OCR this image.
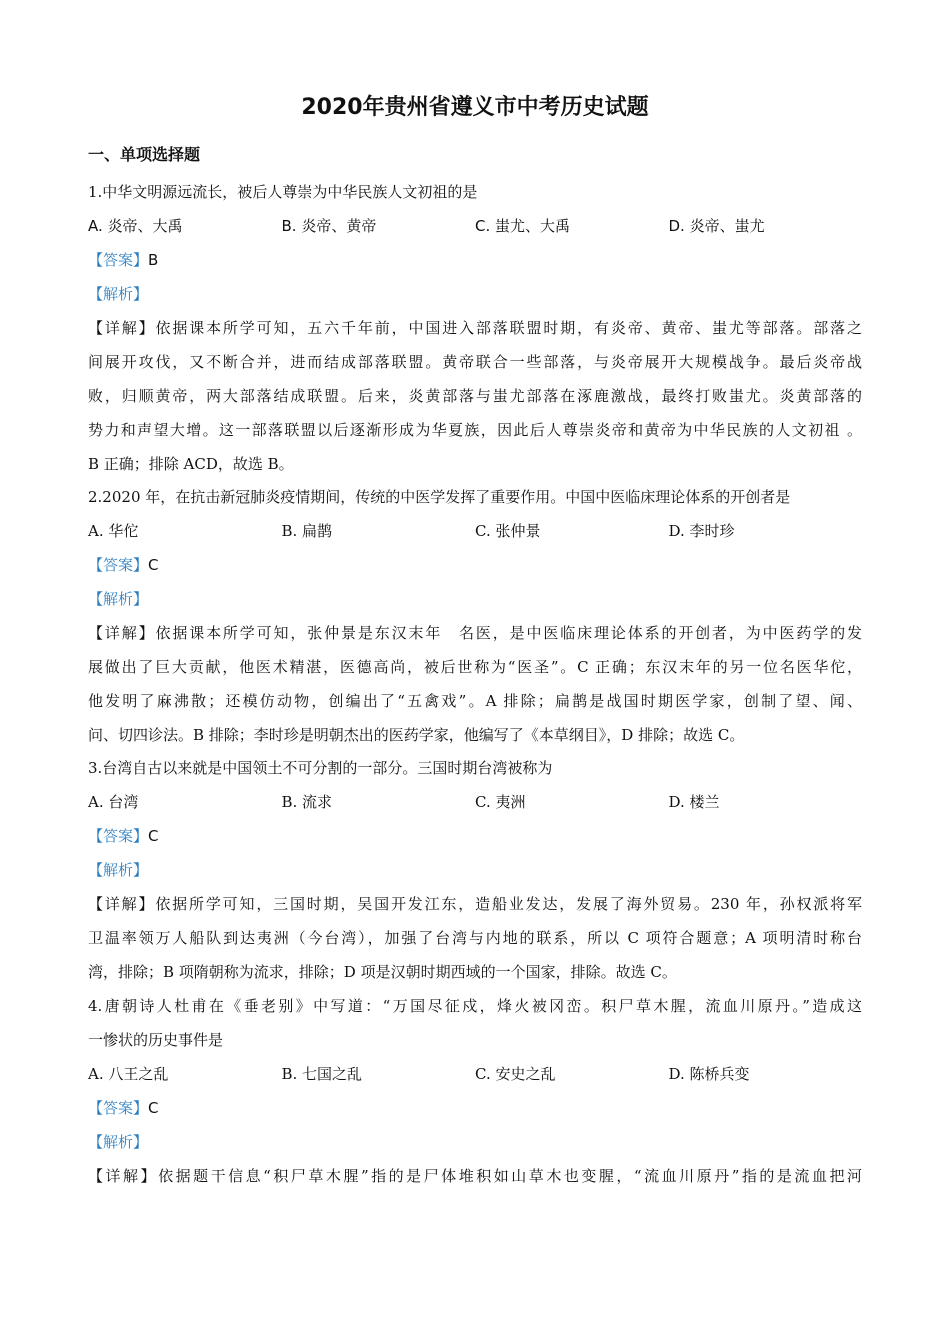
2020年贵州省遵义市中考历史试题
一、单项选择题
1.中华文明源远流长，被后人尊崇为中华民族人文初祖的是
A. 炎帝、大禹	B. 炎帝、黄帝	C. 蚩尤、大禹	D. 炎帝、蚩尤
【答案】B
【解析】
【详解】依据课本所学可知，五六千年前，中国进入部落联盟时期，有炎帝、黄帝、蚩尤等部落。部落之
间展开攻伐，又不断合并，进而结成部落联盟。黄帝联合一些部落，与炎帝展开大规模战争。最后炎帝战
败，归顺黄帝，两大部落结成联盟。后来，炎黄部落与蚩尤部落在涿鹿激战，最终打败蚩尤。炎黄部落的
势力和声望大增。这一部落联盟以后逐渐形成为华夏族，因此后人尊崇炎帝和黄帝为中华民族的人文初祖 。
B 正确；排除 ACD，故选 B。
2.2020 年，在抗击新冠肺炎疫情期间，传统的中医学发挥了重要作用。中国中医临床理论体系的开创者是
A. 华佗	B. 扁鹊	C. 张仲景	D. 李时珍
【答案】C
【解析】
【详解】依据课本所学可知，张仲景是东汉末年　名医，是中医临床理论体系的开创者，为中医药学的发
展做出了巨大贡献，他医术精湛，医德高尚，被后世称为“医圣”。C 正确；东汉末年的另一位名医华佗，
他发明了麻沸散；还模仿动物，创编出了“五禽戏”。A 排除；扁鹊是战国时期医学家，创制了望、闻、
问、切四诊法。B 排除；李时珍是明朝杰出的医药学家，他编写了《本草纲目》，D 排除；故选 C。
3.台湾自古以来就是中国领土不可分割的一部分。三国时期台湾被称为
A. 台湾	B. 流求	C. 夷洲	D. 楼兰
【答案】C
【解析】
【详解】依据所学可知，三国时期，吴国开发江东，造船业发达，发展了海外贸易。230 年，孙权派将军
卫温率领万人船队到达夷洲（今台湾），加强了台湾与内地的联系，所以 C 项符合题意；A 项明清时称台
湾，排除；B 项隋朝称为流求，排除；D 项是汉朝时期西域的一个国家，排除。故选 C。
4.唐朝诗人杜甫在《垂老别》中写道：“万国尽征戍，烽火被冈峦。积尸草木腥，流血川原丹。”造成这
一惨状的历史事件是
A. 八王之乱	B. 七国之乱	C. 安史之乱	D. 陈桥兵变
【答案】C
【解析】
【详解】依据题干信息“积尸草木腥”指的是尸体堆积如山草木也变腥，“流血川原丹”指的是流血把河
